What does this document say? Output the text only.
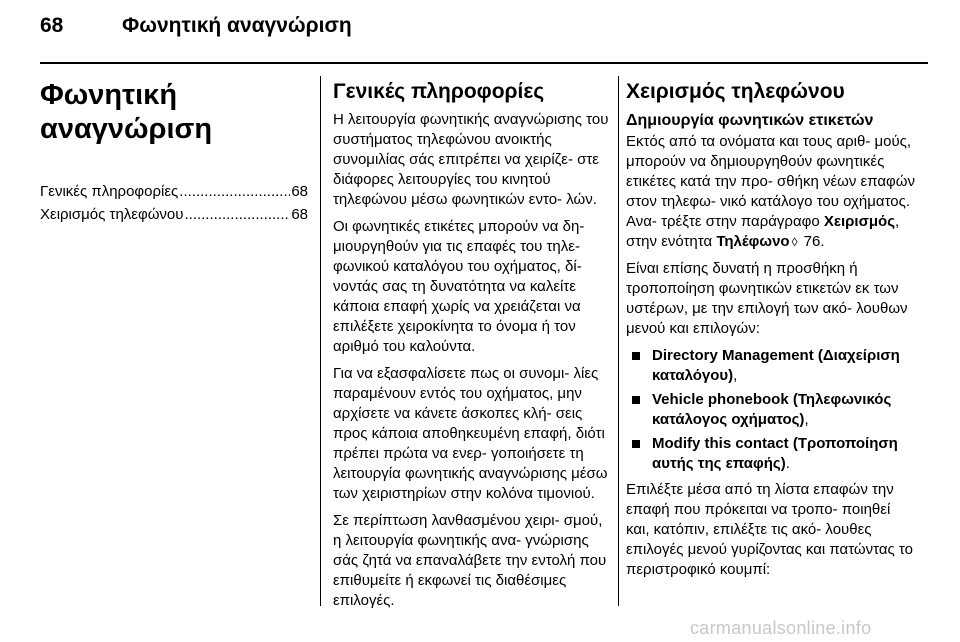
68	Φωνητική αναγνώριση
Φωνητική
αναγνώριση
Γενικές πληροφορίες .....	68
Χειρισμός τηλεφώνου .....	68
Γενικές πληροφορίες

Η λειτουργία φωνητικής αναγνώρισης του συστήματος τηλεφώνου ανοικτής συνομιλίας σάς επιτρέπει να χειρίζε- στε διάφορες λειτουργίες του κινητού τηλεφώνου μέσω φωνητικών εντο- λών.

Οι φωνητικές ετικέτες μπορούν να δη- μιουργηθούν για τις επαφές του τηλε- φωνικού καταλόγου του οχήματος, δί- νοντάς σας τη δυνατότητα να καλείτε κάποια επαφή χωρίς να χρειάζεται να επιλέξετε χειροκίνητα το όνομα ή τον αριθμό του καλούντα.

Για να εξασφαλίσετε πως οι συνομι- λίες παραμένουν εντός του οχήματος, μην αρχίσετε να κάνετε άσκοπες κλή- σεις προς κάποια αποθηκευμένη επαφή, διότι πρέπει πρώτα να ενερ- γοποιήσετε τη λειτουργία φωνητικής αναγνώρισης μέσω των χειριστηρίων στην κολόνα τιμονιού.

Σε περίπτωση λανθασμένου χειρι- σμού, η λειτουργία φωνητικής ανα- γνώρισης σάς ζητά να επαναλάβετε την εντολή που επιθυμείτε ή εκφωνεί τις διαθέσιμες επιλογές.

Χειρισμός τηλεφώνου
Δημιουργία φωνητικών ετικετών

Εκτός από τα ονόματα και τους αριθ- μούς, μπορούν να δημιουργηθούν φωνητικές ετικέτες κατά την προ- σθήκη νέων επαφών στον τηλεφω- νικό κατάλογο του οχήματος. Ανα- τρέξτε στην παράγραφο Χειρισμός, στην ενότητα Τηλέφωνο ◊ 76.

Είναι επίσης δυνατή η προσθήκη ή τροποποίηση φωνητικών ετικετών εκ των υστέρων, με την επιλογή των ακό- λουθων μενού και επιλογών:

Directory Management (Διαχείριση καταλόγου),
Vehicle phonebook (Τηλεφωνικός κατάλογος οχήματος),
Modify this contact (Τροποποίηση αυτής της επαφής).

Επιλέξτε μέσα από τη λίστα επαφών την επαφή που πρόκειται να τροπο- ποιηθεί και, κατόπιν, επιλέξτε τις ακό- λουθες επιλογές μενού γυρίζοντας και πατώντας το περιστροφικό κουμπί:

carmanualsonline.info
